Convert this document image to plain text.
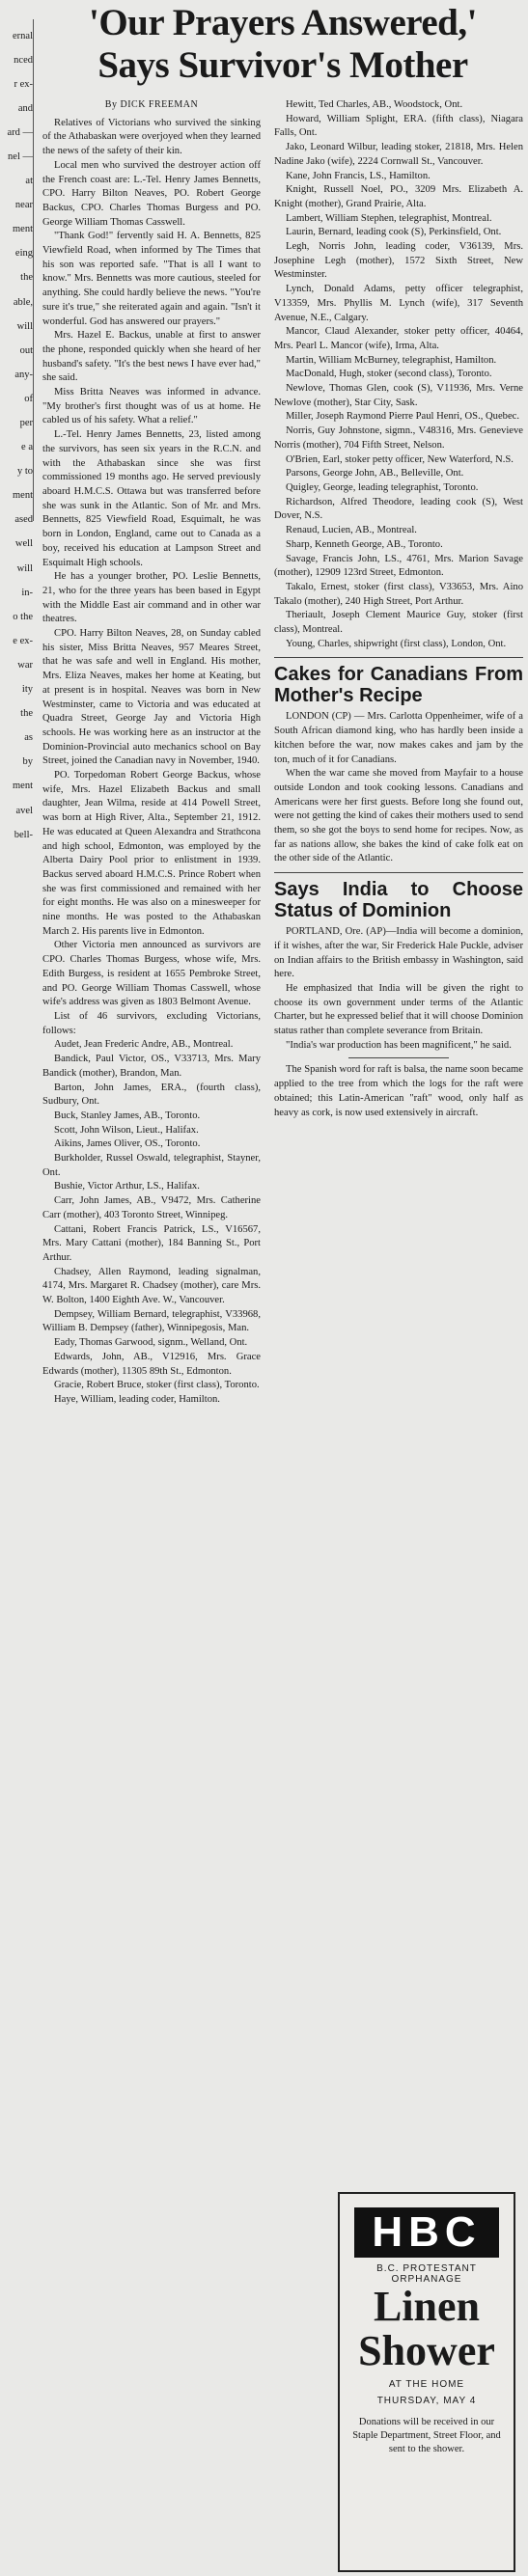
ernal

nced

r ex-

and

ard —

nel —

at

near

ment

eing

the

able,

will

out

any-

of

per

e a

y to

ment

ased

well

will

in-

o the

e ex-

war

ity

the

as

by

ment

avel

bell-

'Our Prayers Answered,'
Says Survivor's Mother
By DICK FREEMAN

Relatives of Victorians who survived the sinking of the Athabaskan were overjoyed when they learned the news of the safety of their kin.

Local men who survived the destroyer action off the French coast are: L.-Tel. Henry James Bennetts, CPO. Harry Bilton Neaves, PO. Robert George Backus, CPO. Charles Thomas Burgess and PO. George William Thomas Casswell.

"Thank God!" fervently said H. A. Bennetts, 825 Viewfield Road, when informed by The Times that his son was reported safe. "That is all I want to know." Mrs. Bennetts was more cautious, steeled for anything. She could hardly believe the news. "You're sure it's true," she reiterated again and again. "Isn't it wonderful. God has answered our prayers."

Mrs. Hazel E. Backus, unable at first to answer the phone, responded quickly when she heard of her husband's safety. "It's the best news I have ever had," she said.

Miss Britta Neaves was informed in advance. "My brother's first thought was of us at home. He cabled us of his safety. What a relief."

L.-Tel. Henry James Bennetts, 23, listed among the survivors, has seen six years in the R.C.N. and with the Athabaskan since she was first commissioned 19 months ago. He served previously aboard H.M.C.S. Ottawa but was transferred before she was sunk in the Atlantic. Son of Mr. and Mrs. Bennetts, 825 Viewfield Road, Esquimalt, he was born in London, England, came out to Canada as a boy, received his education at Lampson Street and Esquimalt High schools.

He has a younger brother, PO. Leslie Bennetts, 21, who for the three years has been based in Egypt with the Middle East air command and in other war theatres.

CPO. Harry Bilton Neaves, 28, on Sunday cabled his sister, Miss Britta Neaves, 957 Meares Street, that he was safe and well in England. His mother, Mrs. Eliza Neaves, makes her home at Keating, but at present is in hospital. Neaves was born in New Westminster, came to Victoria and was educated at Quadra Street, George Jay and Victoria High schools. He was working here as an instructor at the Dominion-Provincial auto mechanics school on Bay Street, joined the Canadian navy in November, 1940.

PO. Torpedoman Robert George Backus, whose wife, Mrs. Hazel Elizabeth Backus and small daughter, Jean Wilma, reside at 414 Powell Street, was born at High River, Alta., September 21, 1912. He was educated at Queen Alexandra and Strathcona and high school, Edmonton, was employed by the Alberta Dairy Pool prior to enlistment in 1939. Backus served aboard H.M.C.S. Prince Robert when she was first commissioned and remained with her for eight months. He was also on a minesweeper for nine months. He was posted to the Athabaskan March 2. His parents live in Edmonton.

Other Victoria men announced as survivors are CPO. Charles Thomas Burgess, whose wife, Mrs. Edith Burgess, is resident at 1655 Pembroke Street, and PO. George William Thomas Casswell, whose wife's address was given as 1803 Belmont Avenue.

List of 46 survivors, excluding Victorians, follows:

Audet, Jean Frederic Andre, AB., Montreal.

Bandick, Paul Victor, OS., V33713, Mrs. Mary Bandick (mother), Brandon, Man.

Barton, John James, ERA., (fourth class), Sudbury, Ont.

Buck, Stanley James, AB., Toronto.

Scott, John Wilson, Lieut., Halifax.

Aikins, James Oliver, OS., Toronto.

Burkholder, Russel Oswald, telegraphist, Stayner, Ont.

Bushie, Victor Arthur, LS., Halifax.

Carr, John James, AB., V9472, Mrs. Catherine Carr (mother), 403 Toronto Street, Winnipeg.

Cattani, Robert Francis Patrick, LS., V16567, Mrs. Mary Cattani (mother), 184 Banning St., Port Arthur.

Chadsey, Allen Raymond, leading signalman, 4174, Mrs. Margaret R. Chadsey (mother), care Mrs. W. Bolton, 1400 Eighth Ave. W., Vancouver.

Dempsey, William Bernard, telegraphist, V33968, William B. Dempsey (father), Winnipegosis, Man.

Eady, Thomas Garwood, signm., Welland, Ont.

Edwards, John, AB., V12916, Mrs. Grace Edwards (mother), 11305 89th St., Edmonton.

Gracie, Robert Bruce, stoker (first class), Toronto.

Haye, William, leading coder, Hamilton.

Hewitt, Ted Charles, AB., Woodstock, Ont.

Howard, William Splight, ERA. (fifth class), Niagara Falls, Ont.

Jako, Leonard Wilbur, leading stoker, 21818, Mrs. Helen Nadine Jako (wife), 2224 Cornwall St., Vancouver.

Kane, John Francis, LS., Hamilton.

Knight, Russell Noel, PO., 3209 Mrs. Elizabeth A. Knight (mother), Grand Prairie, Alta.

Lambert, William Stephen, telegraphist, Montreal.

Laurin, Bernard, leading cook (S), Perkinsfield, Ont.

Legh, Norris John, leading coder, V36139, Mrs. Josephine Legh (mother), 1572 Sixth Street, New Westminster.

Lynch, Donald Adams, petty officer telegraphist, V13359, Mrs. Phyllis M. Lynch (wife), 317 Seventh Avenue, N.E., Calgary.

Mancor, Claud Alexander, stoker petty officer, 40464, Mrs. Pearl L. Mancor (wife), Irma, Alta.

Martin, William McBurney, telegraphist, Hamilton.

MacDonald, Hugh, stoker (second class), Toronto.

Newlove, Thomas Glen, cook (S), V11936, Mrs. Verne Newlove (mother), Star City, Sask.

Miller, Joseph Raymond Pierre Paul Henri, OS., Quebec.

Norris, Guy Johnstone, sigmn., V48316, Mrs. Genevieve Norris (mother), 704 Fifth Street, Nelson.

O'Brien, Earl, stoker petty officer, New Waterford, N.S.

Parsons, George John, AB., Belleville, Ont.

Quigley, George, leading telegraphist, Toronto.

Richardson, Alfred Theodore, leading cook (S), West Dover, N.S.

Renaud, Lucien, AB., Montreal.

Sharp, Kenneth George, AB., Toronto.

Savage, Francis John, LS., 4761, Mrs. Marion Savage (mother), 12909 123rd Street, Edmonton.

Takalo, Ernest, stoker (first class), V33653, Mrs. Aino Takalo (mother), 240 High Street, Port Arthur.

Theriault, Joseph Clement Maurice Guy, stoker (first class), Montreal.

Young, Charles, shipwright (first class), London, Ont.

Cakes for Canadians From Mother's Recipe

LONDON (CP) — Mrs. Carlotta Oppenheimer, wife of a South African diamond king, who has hardly been inside a kitchen before the war, now makes cakes and jam by the ton, much of it for Canadians.

When the war came she moved from Mayfair to a house outside London and took cooking lessons. Canadians and Americans were her first guests. Before long she found out, were not getting the kind of cakes their mothers used to send them, so she got the boys to send home for recipes. Now, as far as nations allow, she bakes the kind of cake folk eat on the other side of the Atlantic.

Says India to Choose Status of Dominion

PORTLAND, Ore. (AP)—India will become a dominion, if it wishes, after the war, Sir Frederick Hale Puckle, adviser on Indian affairs to the British embassy in Washington, said here.

He emphasized that India will be given the right to choose its own government under terms of the Atlantic Charter, but he expressed belief that it will choose Dominion status rather than complete severance from Britain.

"India's war production has been magnificent," he said.

The Spanish word for raft is balsa, the name soon became applied to the tree from which the logs for the raft were obtained; this Latin-American "raft" wood, only half as heavy as cork, is now used extensively in aircraft.

HBC
B.C. PROTESTANT
ORPHANAGE
Linen
Shower
AT THE HOME
THURSDAY, MAY 4
Donations will be received in our Staple Department, Street Floor, and sent to the shower.
